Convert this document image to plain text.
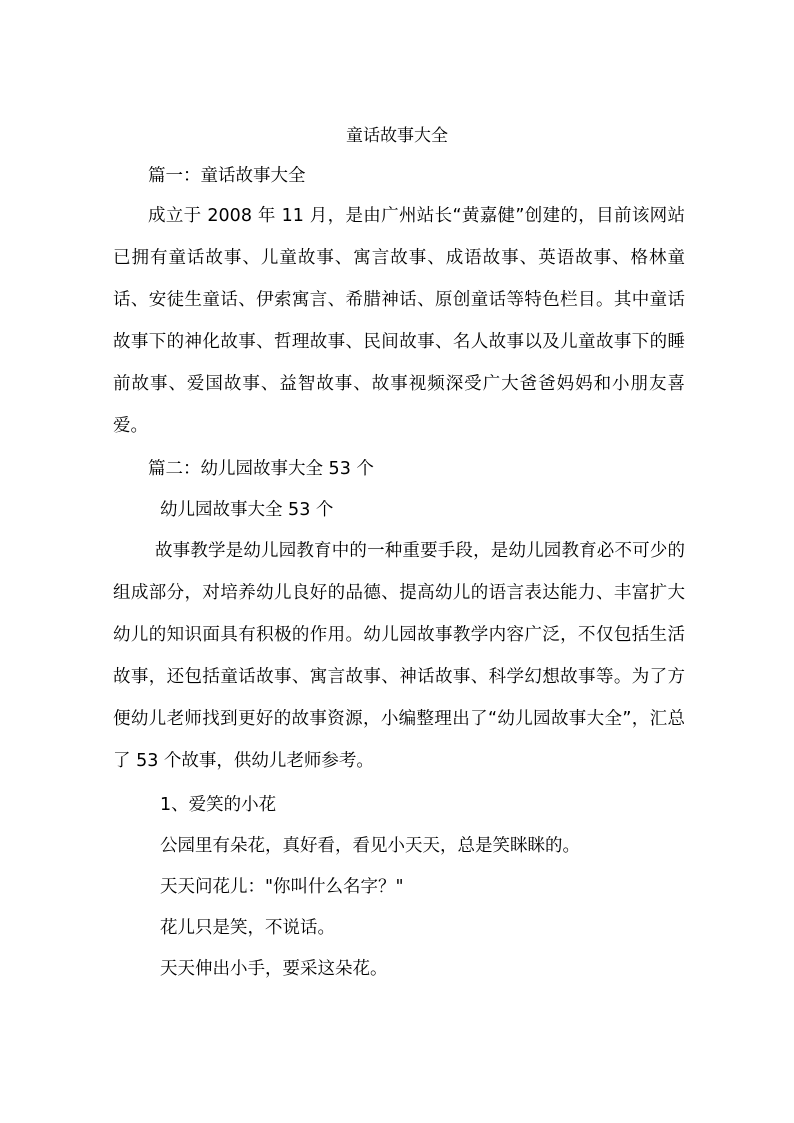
童话故事大全

篇一：童话故事大全

成立于 2008 年 11 月，是由广州站长“黄嘉健”创建的，目前该网站已拥有童话故事、儿童故事、寓言故事、成语故事、英语故事、格林童话、安徒生童话、伊索寓言、希腊神话、原创童话等特色栏目。其中童话故事下的神化故事、哲理故事、民间故事、名人故事以及儿童故事下的睡前故事、爱国故事、益智故事、故事视频深受广大爸爸妈妈和小朋友喜爱。

篇二：幼儿园故事大全 53 个

幼儿园故事大全 53 个

故事教学是幼儿园教育中的一种重要手段，是幼儿园教育必不可少的组成部分，对培养幼儿良好的品德、提高幼儿的语言表达能力、丰富扩大幼儿的知识面具有积极的作用。幼儿园故事教学内容广泛，不仅包括生活故事，还包括童话故事、寓言故事、神话故事、科学幻想故事等。为了方便幼儿老师找到更好的故事资源，小编整理出了“幼儿园故事大全”，汇总了 53 个故事，供幼儿老师参考。

1、爱笑的小花

公园里有朵花，真好看，看见小天天，总是笑眯眯的。

天天问花儿："你叫什么名字？"

花儿只是笑，不说话。

天天伸出小手，要采这朵花。
